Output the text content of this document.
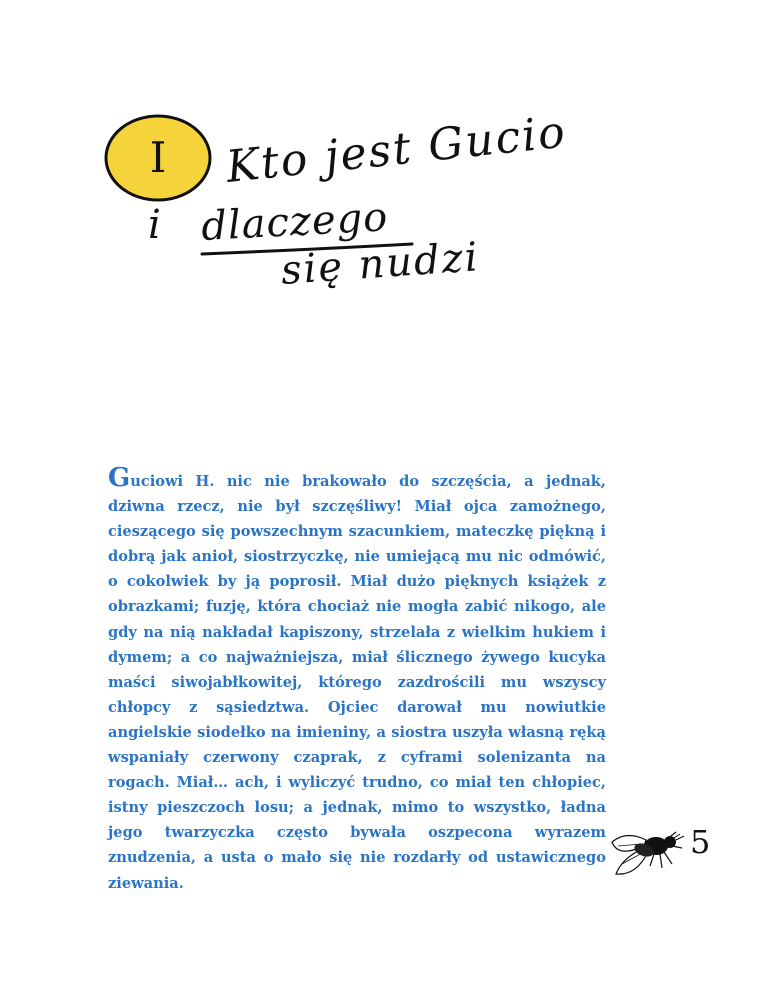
I Kto jest Gucio
i dlaczego
się nudzi

Guciowi H. nic nie brakowało do szczęścia, a jednak, dziwna rzecz, nie był szczęśliwy! Miał ojca zamożnego, cieszącego się powszechnym szacunkiem, mateczkę piękną i dobrą jak anioł, siostrzyczkę, nie umiejącą mu nic odmówić, o cokolwiek by ją poprosił. Miał dużo pięknych książek z obrazkami; fuzję, która chociaż nie mogła zabić nikogo, ale gdy na nią nakładał kapiszony, strzelała z wielkim hukiem i dymem; a co najważniejsza, miał ślicznego żywego kucyka maści siwojabłkowitej, którego zazdrościli mu wszyscy chłopcy z sąsiedztwa. Ojciec darował mu nowiutkie angielskie siodełko na imieniny, a siostra uszyła własną ręką wspaniały czerwony czaprak, z cyframi solenizanta na rogach. Miał… ach, i wyliczyć trudno, co miał ten chłopiec, istny pieszczoch losu; a jednak, mimo to wszystko, ładna jego twarzyczka często bywała oszpecona wyrazem znudzenia, a usta o mało się nie rozdarły od ustawicznego ziewania.

5
